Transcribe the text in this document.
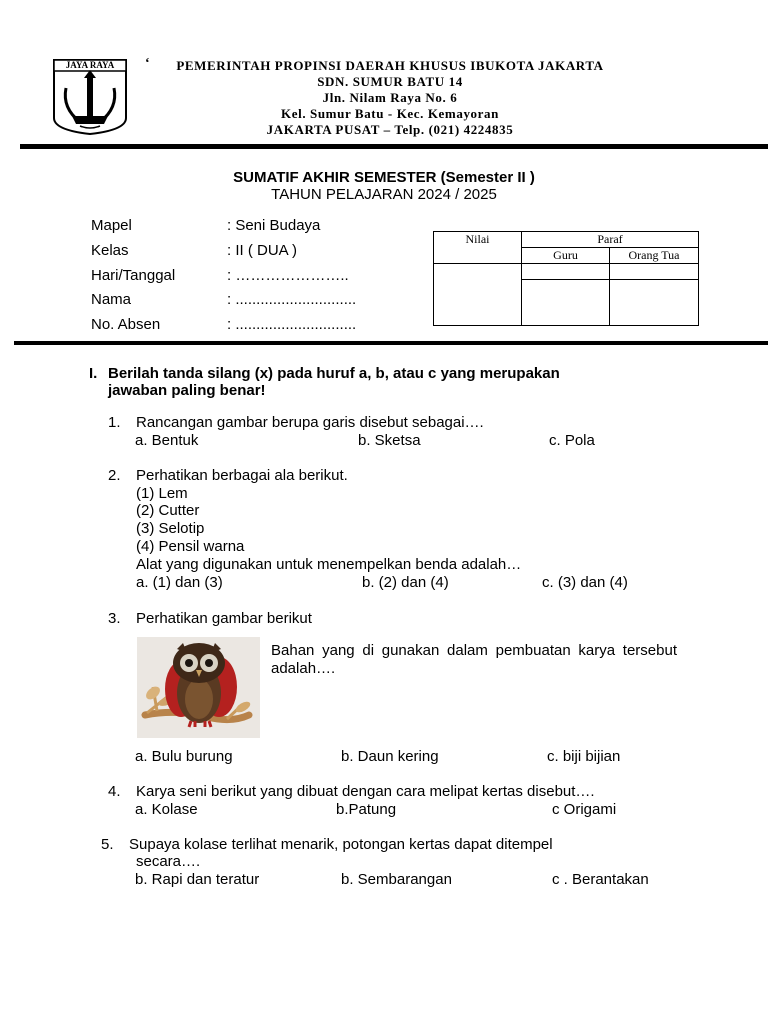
JAYA RAYA	‘	PEMERINTAH PROPINSI DAERAH KHUSUS IBUKOTA JAKARTA
SDN. SUMUR BATU 14
Jln. Nilam Raya No. 6
Kel. Sumur Batu - Kec. Kemayoran
JAKARTA PUSAT – Telp. (021) 4224835
SUMATIF AKHIR SEMESTER (Semester II )
TAHUN PELAJARAN 2024 / 2025
Mapel	: Seni Budaya
Kelas	: II ( DUA )
Hari/Tanggal	: …………………..
Nama	: .............................
No. Absen	: .............................
Nilai	Paraf	
	Guru	Orang Tua

I. Berilah tanda silang (x) pada huruf a, b, atau c yang merupakan
jawaban paling benar!
1. Rancangan gambar berupa garis disebut sebagai….
a. Bentuk	b. Sketsa	c. Pola
2. Perhatikan berbagai ala berikut.
(1) Lem
(2) Cutter
(3) Selotip
(4) Pensil warna
Alat yang digunakan untuk menempelkan benda adalah…
a. (1) dan (3)	b. (2) dan (4)	c. (3) dan (4)
3. Perhatikan gambar berikut
Bahan yang di gunakan dalam pembuatan karya tersebut adalah….
a. Bulu burung	b. Daun kering	c. biji bijian
4. Karya seni berikut yang dibuat dengan cara melipat kertas disebut….
a. Kolase	b.Patung	c Origami
5. Supaya kolase terlihat menarik, potongan kertas dapat ditempel
secara….
b. Rapi dan teratur	b. Sembarangan	c . Berantakan
